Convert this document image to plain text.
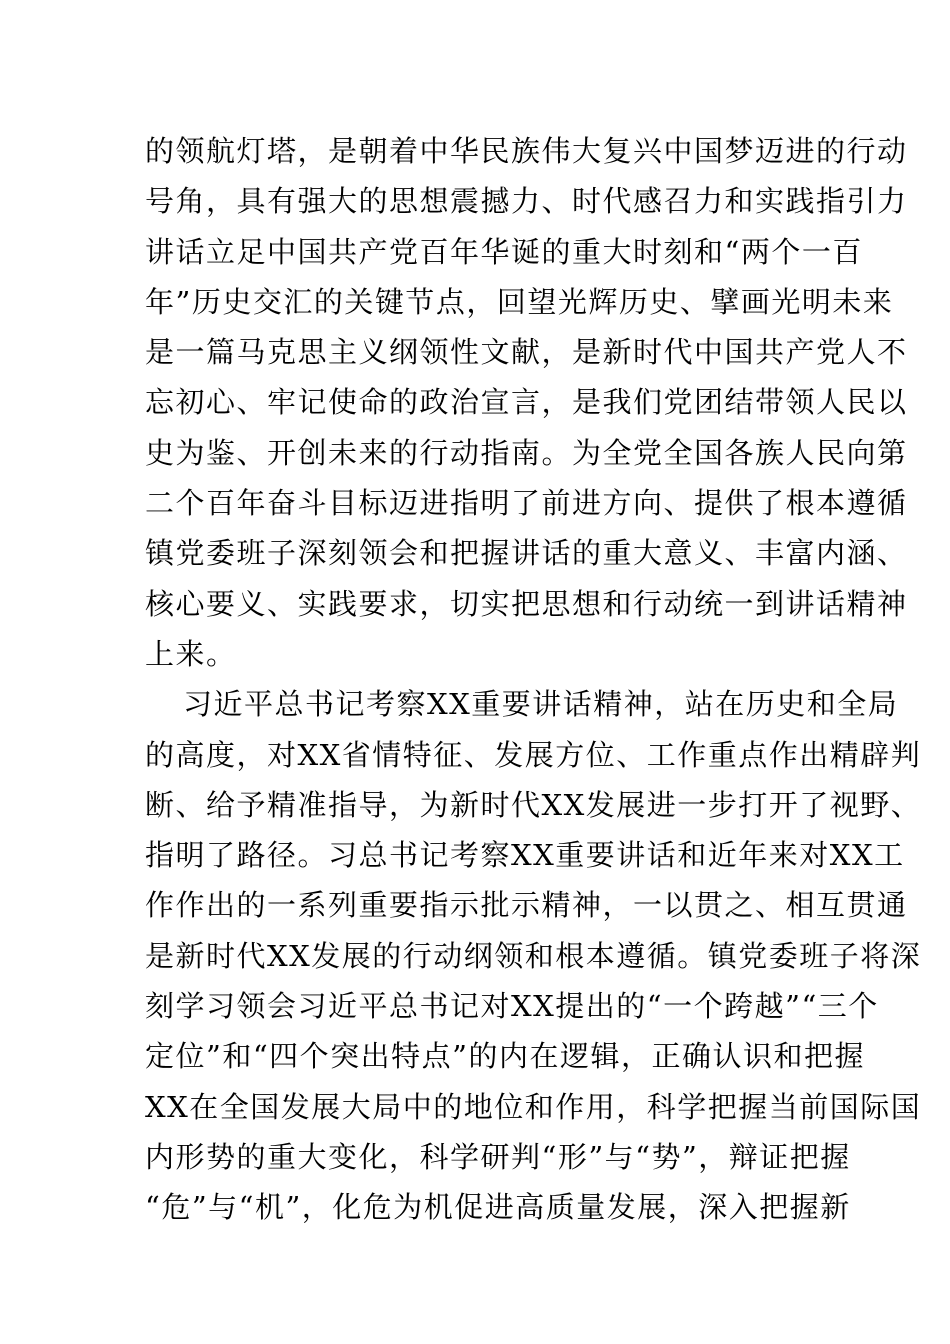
的领航灯塔，是朝着中华民族伟大复兴中国梦迈进的行动
号角，具有强大的思想震撼力、时代感召力和实践指引力
讲话立足中国共产党百年华诞的重大时刻和“两个一百
年”历史交汇的关键节点，回望光辉历史、擘画光明未来
是一篇马克思主义纲领性文献，是新时代中国共产党人不
忘初心、牢记使命的政治宣言，是我们党团结带领人民以
史为鉴、开创未来的行动指南。为全党全国各族人民向第
二个百年奋斗目标迈进指明了前进方向、提供了根本遵循
镇党委班子深刻领会和把握讲话的重大意义、丰富内涵、
核心要义、实践要求，切实把思想和行动统一到讲话精神
上来。
习近平总书记考察XX重要讲话精神，站在历史和全局
的高度，对XX省情特征、发展方位、工作重点作出精辟判
断、给予精准指导，为新时代XX发展进一步打开了视野、
指明了路径。习总书记考察XX重要讲话和近年来对XX工
作作出的一系列重要指示批示精神，一以贯之、相互贯通
是新时代XX发展的行动纲领和根本遵循。镇党委班子将深
刻学习领会习近平总书记对XX提出的“一个跨越”“三个
定位”和“四个突出特点”的内在逻辑，正确认识和把握
XX在全国发展大局中的地位和作用，科学把握当前国际国
内形势的重大变化，科学研判“形”与“势”，辩证把握
“危”与“机”，化危为机促进高质量发展，深入把握新
